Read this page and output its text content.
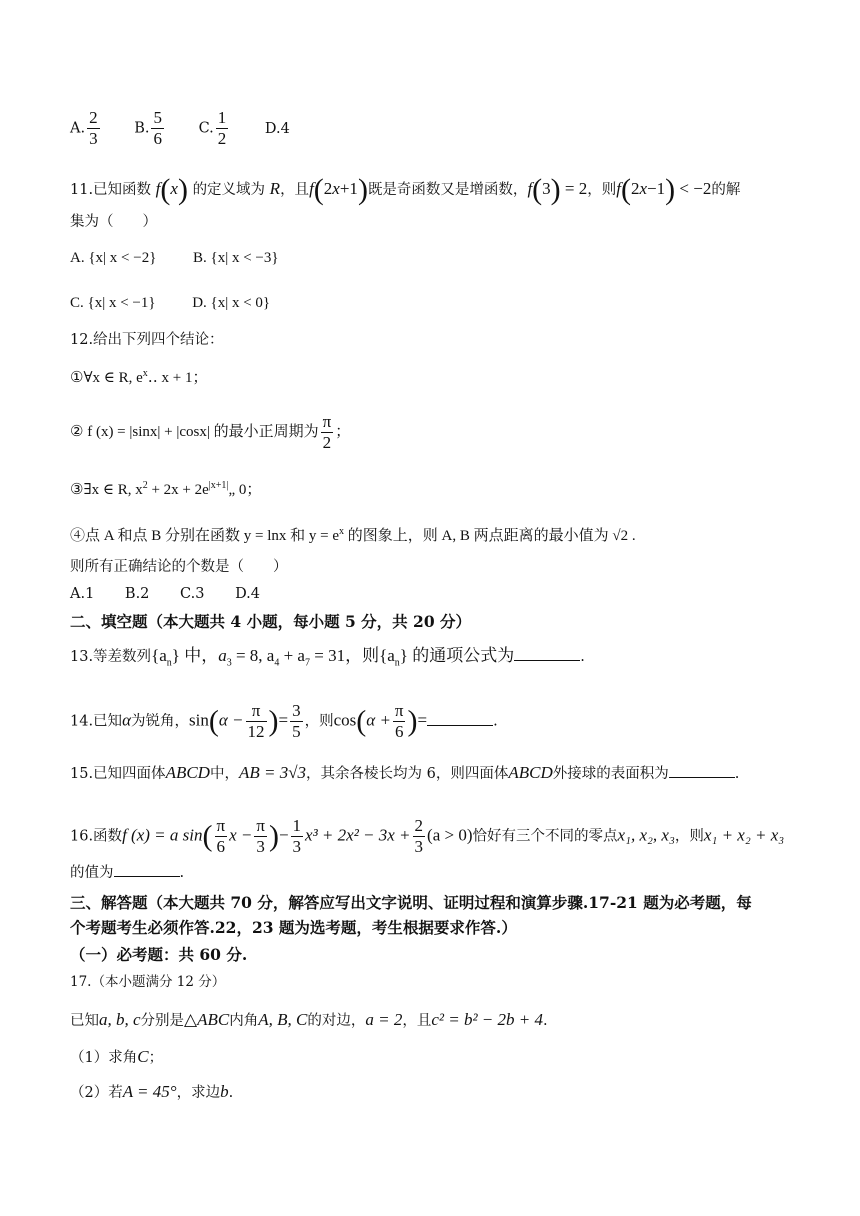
A. $\frac{2}{3} B$. $\frac{5}{6} C$. $\frac{1}{2}$	D.4
11.已知函数 f(x) 的定义域为 R，且f(2x+1)既是奇函数又是增函数，f(3) = 2，则f(2x−1) < −2的解
集为（　　）
A. {x| x < −2} B. {x| x < −3}
C. {x| x < −1} D. {x| x < 0}
12.给出下列四个结论：
①∀x ∈ R, $e^x‥$ x + 1；
② f (x) = |sinx| + |cosx| 的最小正周期为 $\frac{\pi}{2}$ ；
③∃x ∈ R, $x^2 + 2x$ + $2e^{|x+1|}„$ 0；
④点 A 和点 B 分别在函数 y = lnx 和 $y = e^x$ 的图象上，则 A, B 两点距离的最小值为 √2 .
则所有正确结论的个数是（　　）
A.1 B.2 C.3 D.4
二、填空题（本大题共 4 小题，每小题 5 分，共 20 分）
13.等差数列$\{a_n\}$ 中，$a_3 = 8$, $a_4 + a_7 = 31$，则$\{a_n\}$ 的通项公式为	.
14.已知α为锐角，$\sin(\alpha - \frac{\pi}{12}$ )= $\frac{3}{5}$ ，则$\cos(\alpha + \frac{\pi}{6}$ )=	.
15.已知四面体ABCD中，AB = 3√3，其余各棱长均为 6，则四面体ABCD外接球的表面积为	.
16.函数f (x) = a $\sin( \frac{\pi}{6}$ $x - \frac{\pi}{3}$ )− $\frac{1}{3} x^3 + 2x^2 - 3x + \frac{2}{3} (a > 0)$恰好有三个不同的零点x₁, x₂, x₃，则x₁ + x₂ + x₃
的值为	.
三、解答题（本大题共 70 分，解答应写出文字说明、证明过程和演算步骤.17-21 题为必考题，每
个考题考生必须作答.22，23 题为选考题，考生根据要求作答.）
（一）必考题：共 60 分.
17.（本小题满分 12 分）
已知a, b, c分别是△ABC内角A, B, C的对边，a = 2，且c² = b² − 2b + 4.
（1）求角C；
（2）若A = 45°，求边b.
